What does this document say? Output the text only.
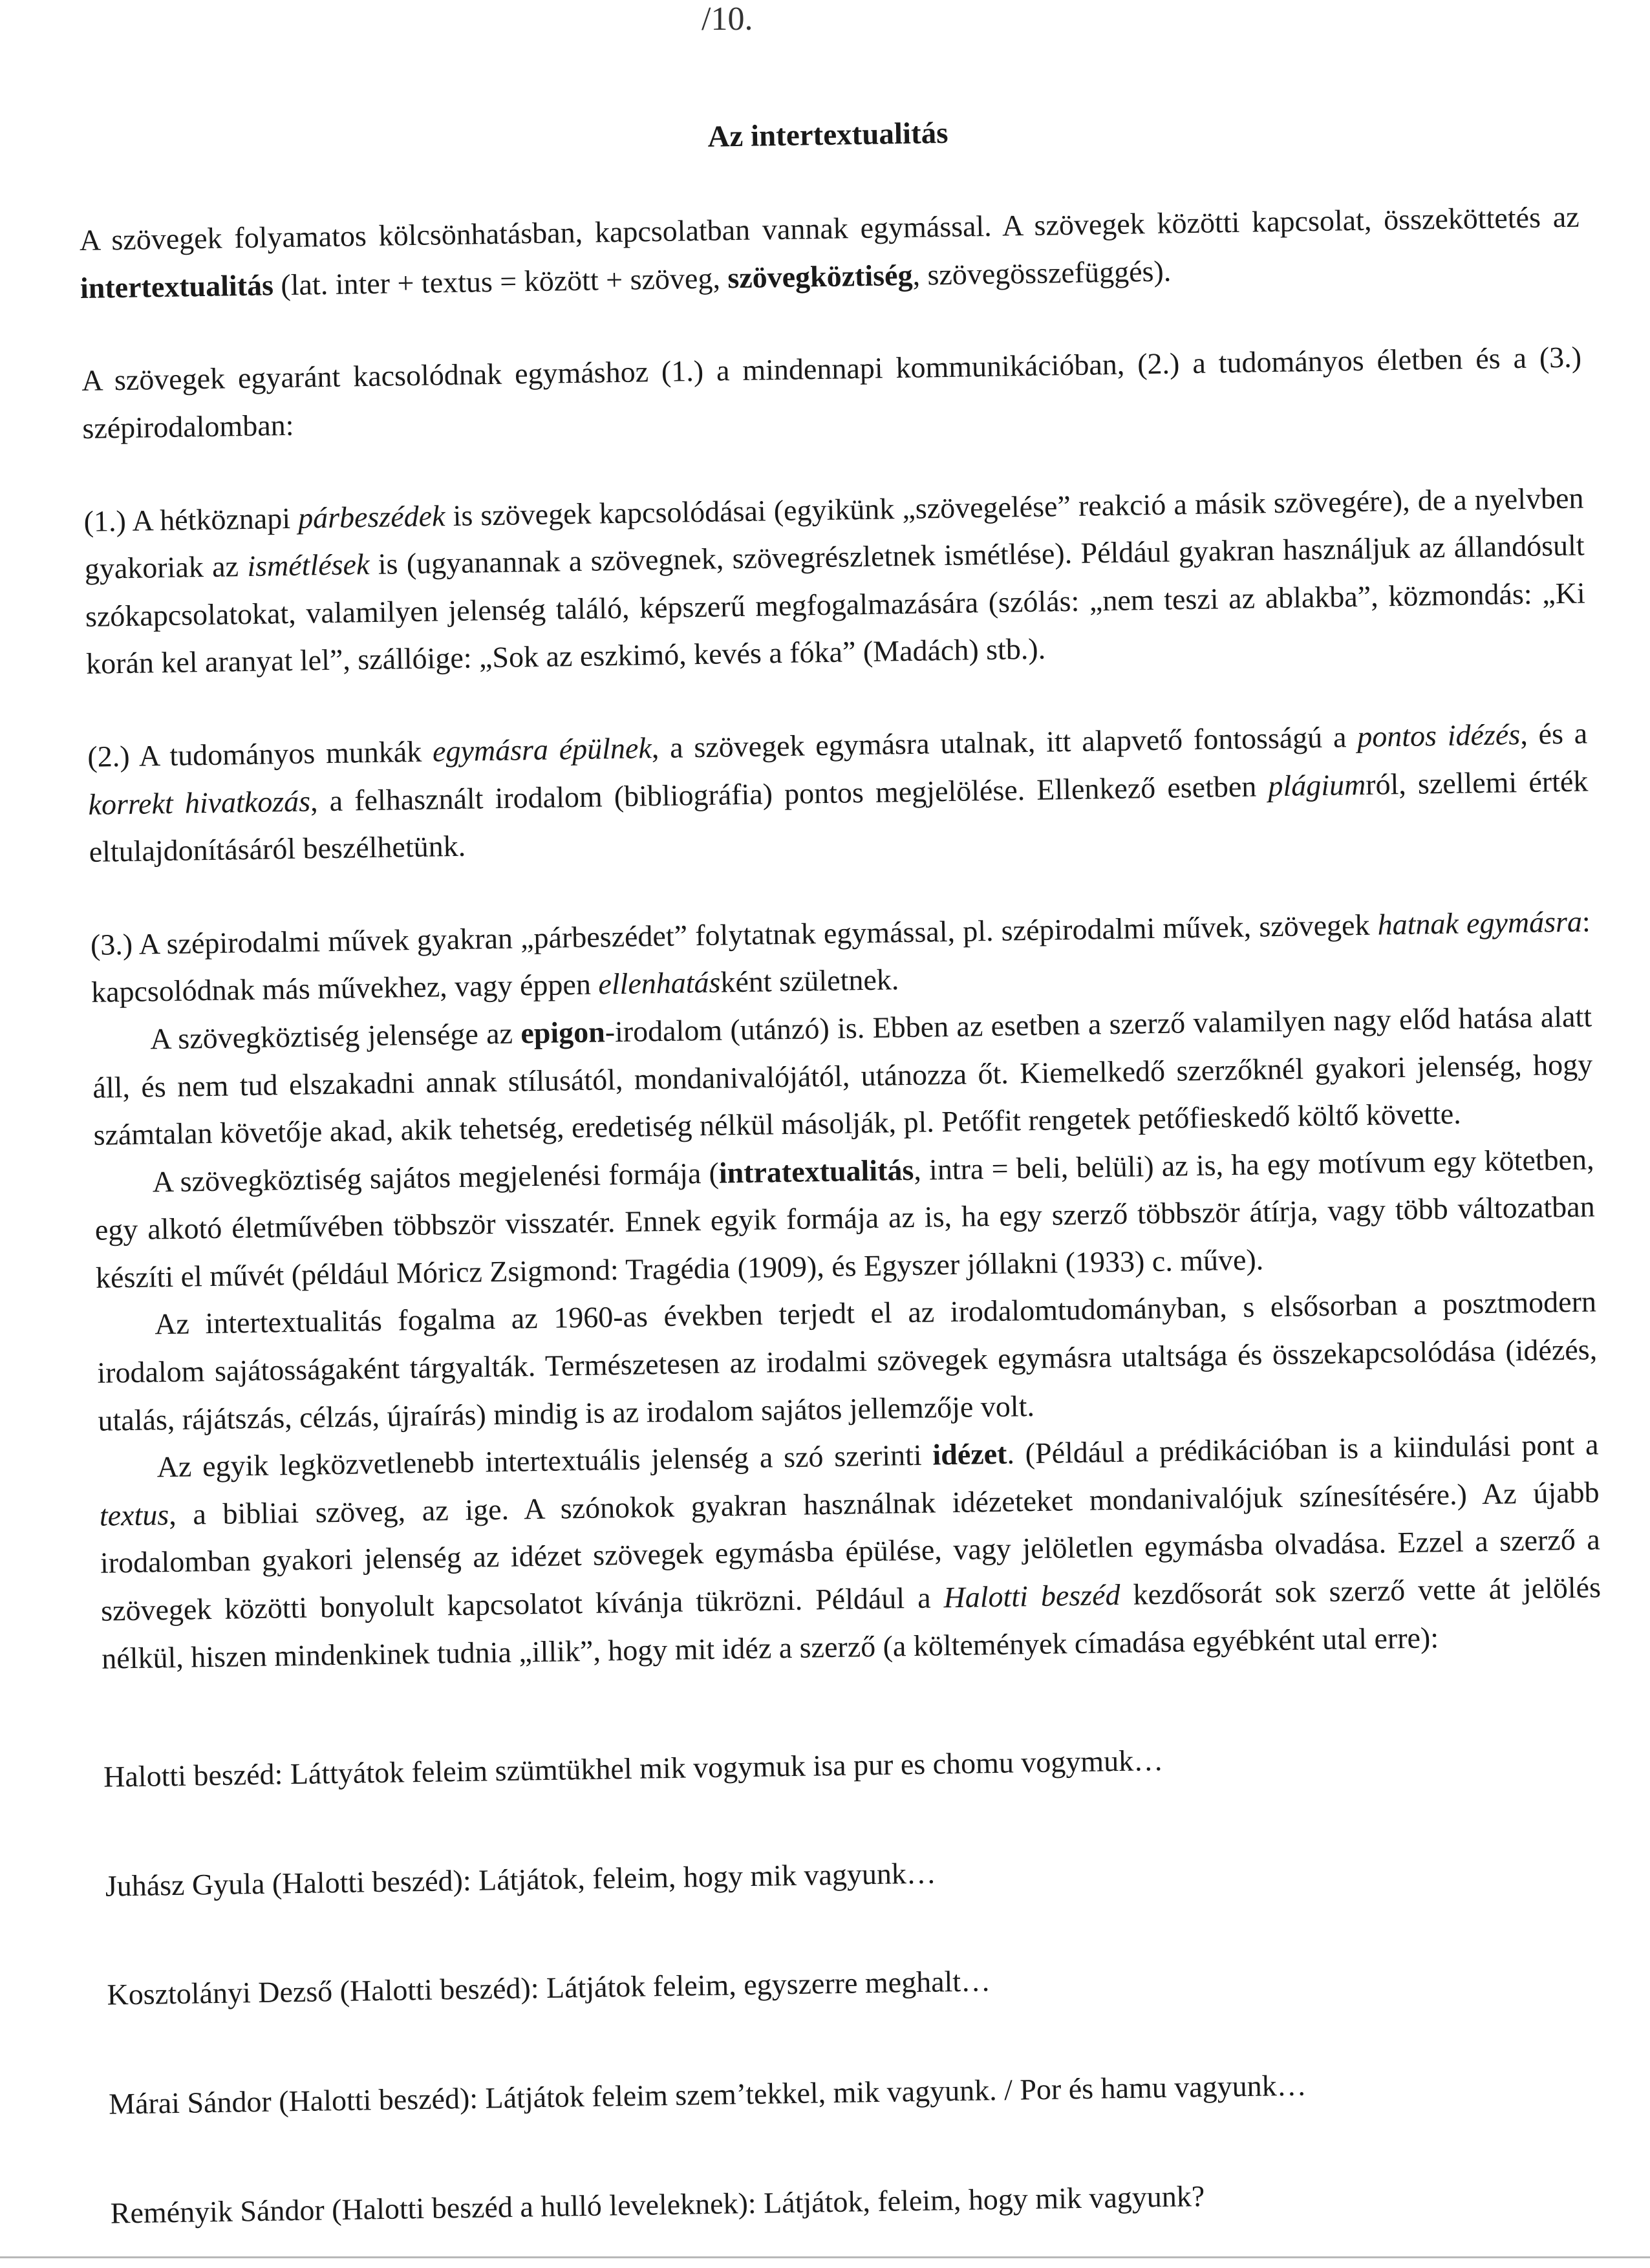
/10.
Az intertextualitás

A szövegek folyamatos kölcsönhatásban, kapcsolatban vannak egymással. A szövegek közötti kapcsolat, összeköttetés az intertextualitás (lat. inter + textus = között + szöveg, szövegköztiség, szövegösszefüggés).

A szövegek egyaránt kacsolódnak egymáshoz (1.) a mindennapi kommunikációban, (2.) a tudományos életben és a (3.) szépirodalomban:

(1.) A hétköznapi párbeszédek is szövegek kapcsolódásai (egyikünk „szövegelése” reakció a másik szövegére), de a nyelvben gyakoriak az ismétlések is (ugyanannak a szövegnek, szövegrészletnek ismétlése). Például gyakran használjuk az állandósult szókapcsolatokat, valamilyen jelenség találó, képszerű megfogalmazására (szólás: „nem teszi az ablakba”, közmondás: „Ki korán kel aranyat lel”, szállóige: „Sok az eszkimó, kevés a fóka” (Madách) stb.).

(2.) A tudományos munkák egymásra épülnek, a szövegek egymásra utalnak, itt alapvető fontosságú a pontos idézés, és a korrekt hivatkozás, a felhasznált irodalom (bibliográfia) pontos megjelölése. Ellenkező esetben plágiumról, szellemi érték eltulajdonításáról beszélhetünk.

(3.) A szépirodalmi művek gyakran „párbeszédet” folytatnak egymással, pl. szépirodalmi művek, szövegek hatnak egymásra: kapcsolódnak más művekhez, vagy éppen ellenhatásként születnek.

A szövegköztiség jelensége az epigon-irodalom (utánzó) is. Ebben az esetben a szerző valamilyen nagy előd hatása alatt áll, és nem tud elszakadni annak stílusától, mondanivalójától, utánozza őt. Kiemelkedő szerzőknél gyakori jelenség, hogy számtalan követője akad, akik tehetség, eredetiség nélkül másolják, pl. Petőfit rengetek petőfieskedő költő követte.

A szövegköztiség sajátos megjelenési formája (intratextualitás, intra = beli, belüli) az is, ha egy motívum egy kötetben, egy alkotó életművében többször visszatér. Ennek egyik formája az is, ha egy szerző többször átírja, vagy több változatban készíti el művét (például Móricz Zsigmond: Tragédia (1909), és Egyszer jóllakni (1933) c. műve).

Az intertextualitás fogalma az 1960-as években terjedt el az irodalomtudományban, s elsősorban a posztmodern irodalom sajátosságaként tárgyalták. Természetesen az irodalmi szövegek egymásra utaltsága és összekapcsolódása (idézés, utalás, rájátszás, célzás, újraírás) mindig is az irodalom sajátos jellemzője volt.

Az egyik legközvetlenebb intertextuális jelenség a szó szerinti idézet. (Például a prédikációban is a kiindulási pont a textus, a bibliai szöveg, az ige. A szónokok gyakran használnak idézeteket mondanivalójuk színesítésére.) Az újabb irodalomban gyakori jelenség az idézet szövegek egymásba épülése, vagy jelöletlen egymásba olvadása. Ezzel a szerző a szövegek közötti bonyolult kapcsolatot kívánja tükrözni. Például a Halotti beszéd kezdősorát sok szerző vette át jelölés nélkül, hiszen mindenkinek tudnia „illik”, hogy mit idéz a szerző (a költemények címadása egyébként utal erre):

Halotti beszéd: Láttyátok feleim szümtükhel mik vogymuk isa pur es chomu vogymuk…

Juhász Gyula (Halotti beszéd): Látjátok, feleim, hogy mik vagyunk…

Kosztolányi Dezső (Halotti beszéd): Látjátok feleim, egyszerre meghalt…

Márai Sándor (Halotti beszéd): Látjátok feleim szem’tekkel, mik vagyunk. / Por és hamu vagyunk…

Reményik Sándor (Halotti beszéd a hulló leveleknek): Látjátok, feleim, hogy mik vagyunk?
